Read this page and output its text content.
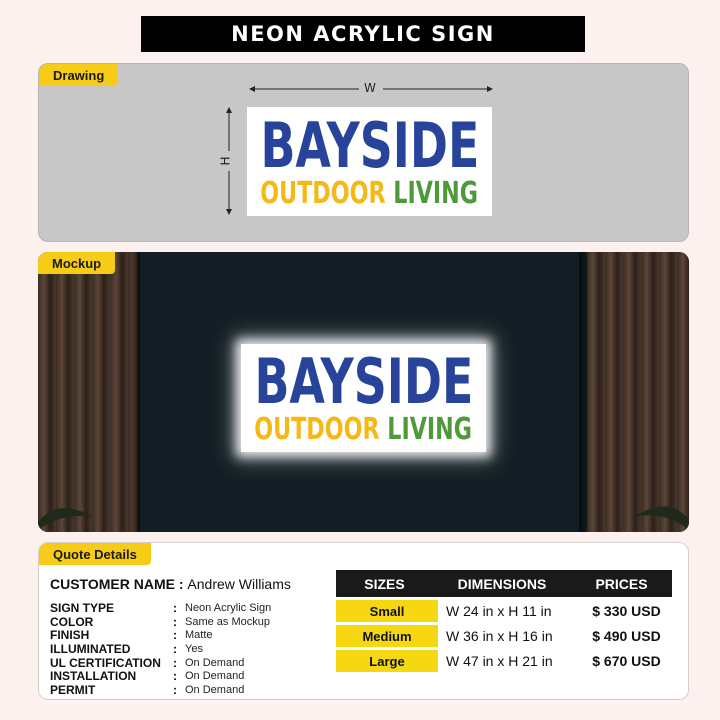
NEON ACRYLIC SIGN
Drawing
W
H BAYSIDE
OUTDOOR LIVING
Mockup
BAYSIDE
OUTDOOR LIVING
Quote Details
CUSTOMER NAME : Andrew Williams
SIGN TYPE	: Neon Acrylic Sign
COLOR	: Same as Mockup
FINISH	: Matte
ILLUMINATED	: Yes
UL CERTIFICATION	: On Demand
INSTALLATION	: On Demand
PERMIT	: On Demand
SIZES	DIMENSIONS	PRICES
Small	W 24 in x H 11 in	$ 330 USD
Medium	W 36 in x H 16 in	$ 490 USD
Large	W 47 in x H 21 in	$ 670 USD
